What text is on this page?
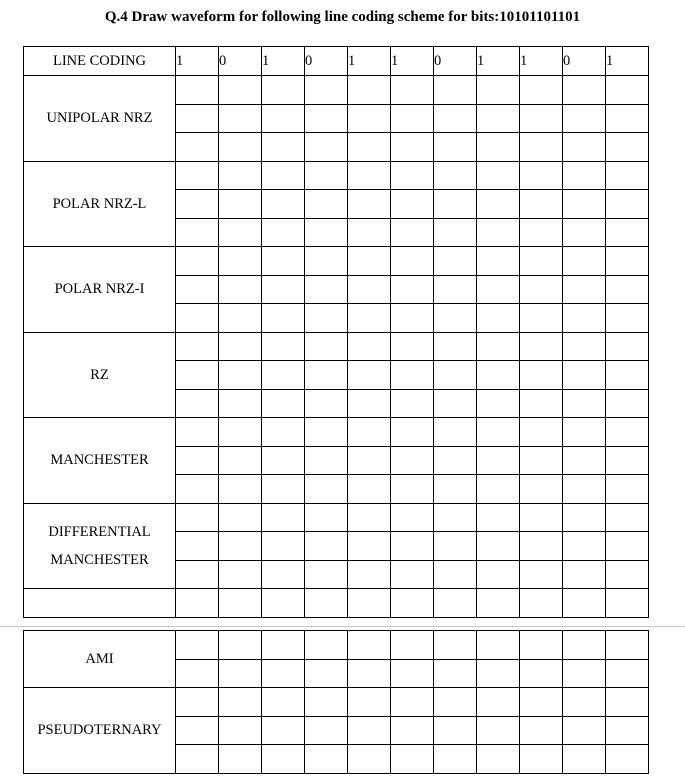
Q.4 Draw waveform for following line coding scheme for bits:10101101101
LINE CODING	1	0	1	0	1	1	0	1	1	0	1
UNIPOLAR NRZ											

POLAR NRZ-L											

POLAR NRZ-I											

RZ											

MANCHESTER											

DIFFERENTIAL
MANCHESTER											

AMI											

PSEUDOTERNARY											
